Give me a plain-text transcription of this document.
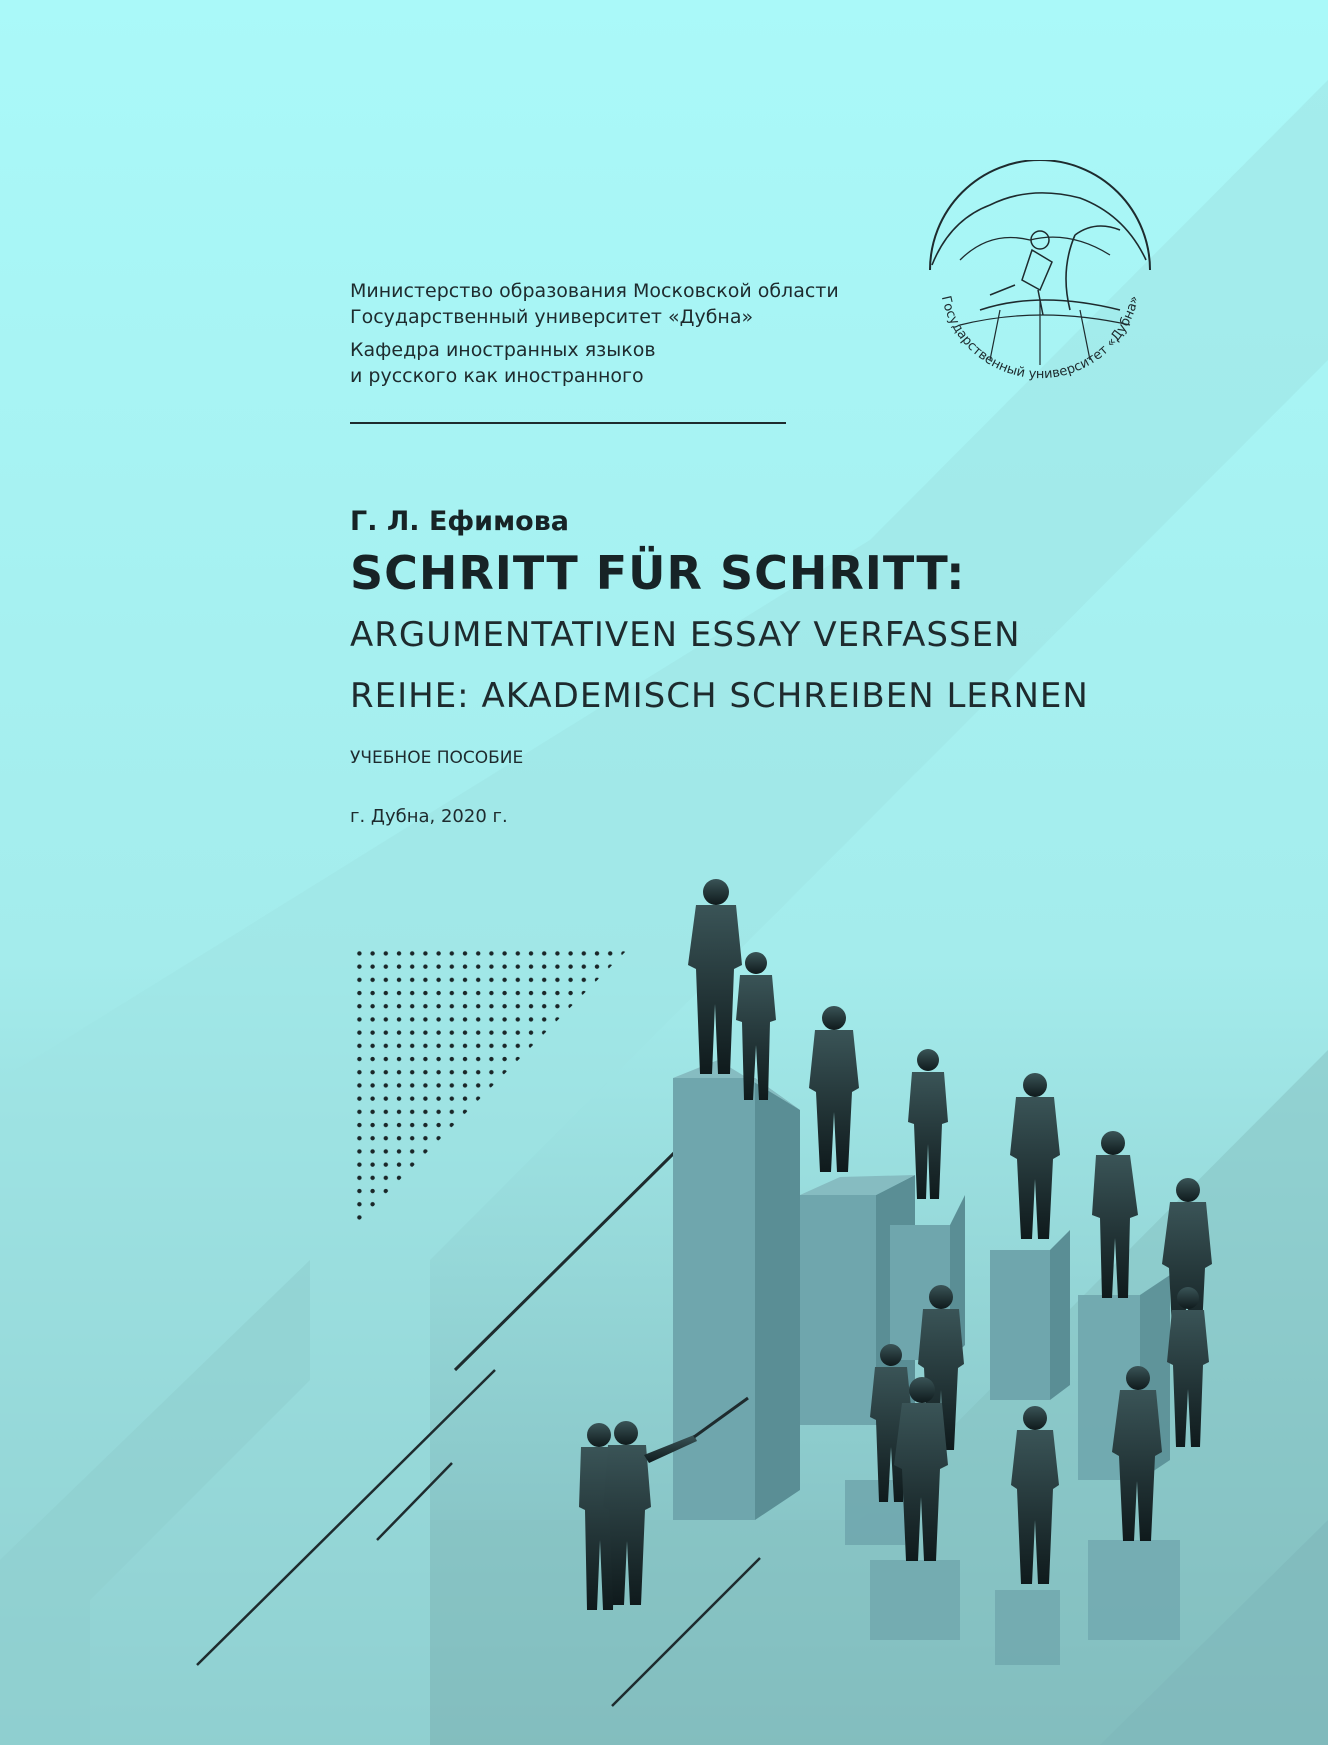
Государственный университет «Дубна»
Министерство образования Московской области
Государственный университет «Дубна»
Кафедра иностранных языков
и русского как иностранного
Г. Л. Ефимова
SCHRITT FÜR SCHRITT:
ARGUMENTATIVEN ESSAY VERFASSEN
REIHE: AKADEMISCH SCHREIBEN LERNEN
УЧЕБНОЕ ПОСОБИЕ
г. Дубна, 2020 г.
